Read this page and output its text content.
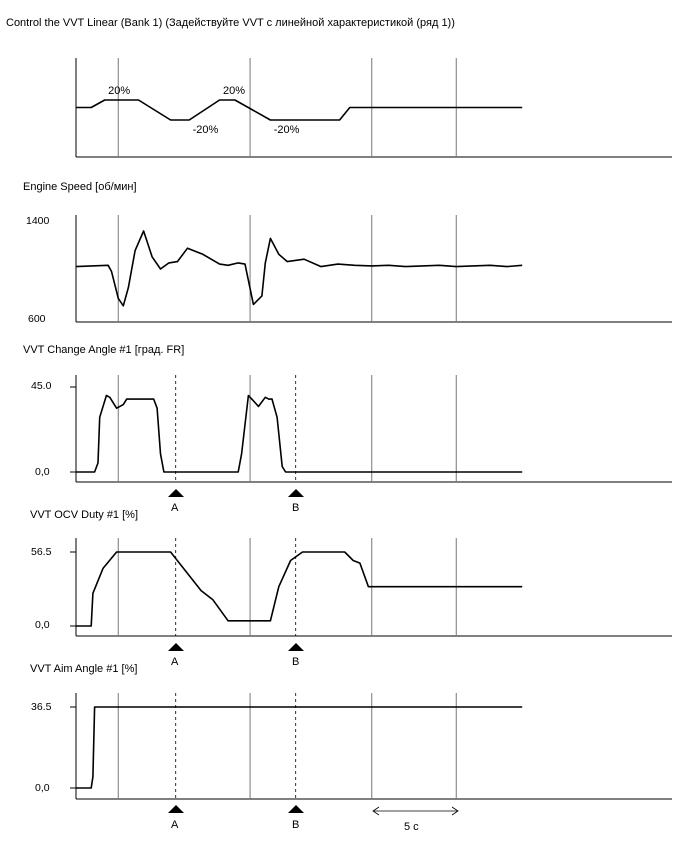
Control the VVT Linear (Bank 1) (Задействуйте VVT с линейной характеристикой (ряд 1))
20%
-20%
20%
-20%
Engine Speed [об/мин]
1400
600
VVT Change Angle #1 [град. FR]
45.0
0,0
A	B
VVT OCV Duty #1 [%]
56.5
0,0
A	B
VVT Aim Angle #1 [%]
36.5
0,0
A	B	5 с
